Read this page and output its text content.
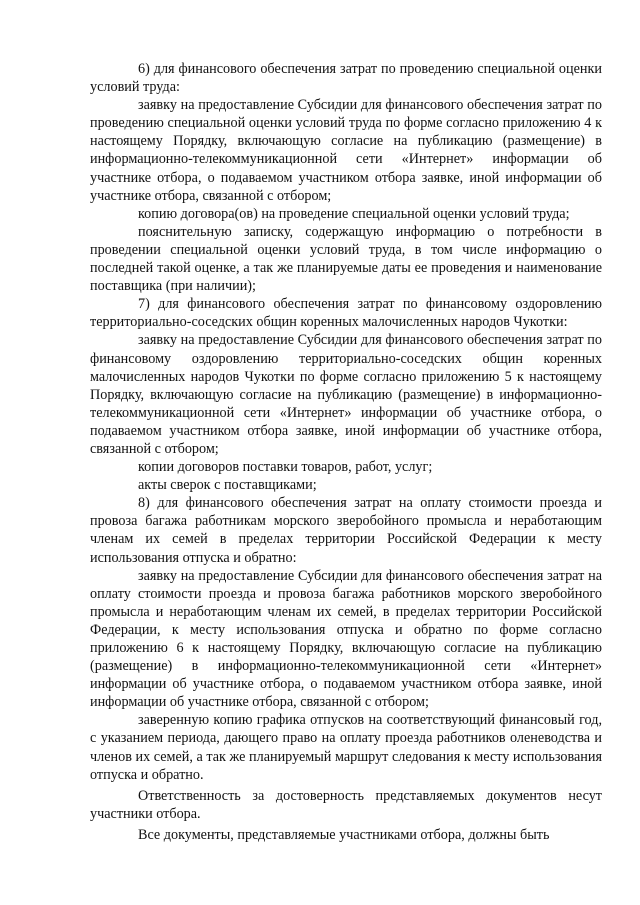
6) для финансового обеспечения затрат по проведению специальной оценки условий труда:

заявку на предоставление Субсидии для финансового обеспечения затрат по проведению специальной оценки условий труда по форме согласно приложению 4 к настоящему Порядку, включающую согласие на публикацию (размещение) в информационно-телекоммуникационной сети «Интернет» информации об участнике отбора, о подаваемом участником отбора заявке, иной информации об участнике отбора, связанной с отбором;

копию договора(ов) на проведение специальной оценки условий труда;

пояснительную записку, содержащую информацию о потребности в проведении специальной оценки условий труда, в том числе информацию о последней такой оценке, а так же планируемые даты ее проведения и наименование поставщика (при наличии);

7) для финансового обеспечения затрат по финансовому оздоровлению территориально-соседских общин коренных малочисленных народов Чукотки:

заявку на предоставление Субсидии для финансового обеспечения затрат по финансовому оздоровлению территориально-соседских общин коренных малочисленных народов Чукотки по форме согласно приложению 5 к настоящему Порядку, включающую согласие на публикацию (размещение) в информационно-телекоммуникационной сети «Интернет» информации об участнике отбора, о подаваемом участником отбора заявке, иной информации об участнике отбора, связанной с отбором;

копии договоров поставки товаров, работ, услуг;

акты сверок с поставщиками;

8) для финансового обеспечения затрат на оплату стоимости проезда и провоза багажа работникам морского зверобойного промысла и неработающим членам их семей в пределах территории Российской Федерации к месту использования отпуска и обратно:

заявку на предоставление Субсидии для финансового обеспечения затрат на оплату стоимости проезда и провоза багажа работников морского зверобойного промысла и неработающим членам их семей, в пределах территории Российской Федерации, к месту использования отпуска и обратно по форме согласно приложению 6 к настоящему Порядку, включающую согласие на публикацию (размещение) в информационно-телекоммуникационной сети «Интернет» информации об участнике отбора, о подаваемом участником отбора заявке, иной информации об участнике отбора, связанной с отбором;

заверенную копию графика отпусков на соответствующий финансовый год, с указанием периода, дающего право на оплату проезда работников оленеводства и членов их семей, а так же планируемый маршрут следования к месту использования отпуска и обратно.

Ответственность за достоверность представляемых документов несут участники отбора.

Все документы, представляемые участниками отбора, должны быть
